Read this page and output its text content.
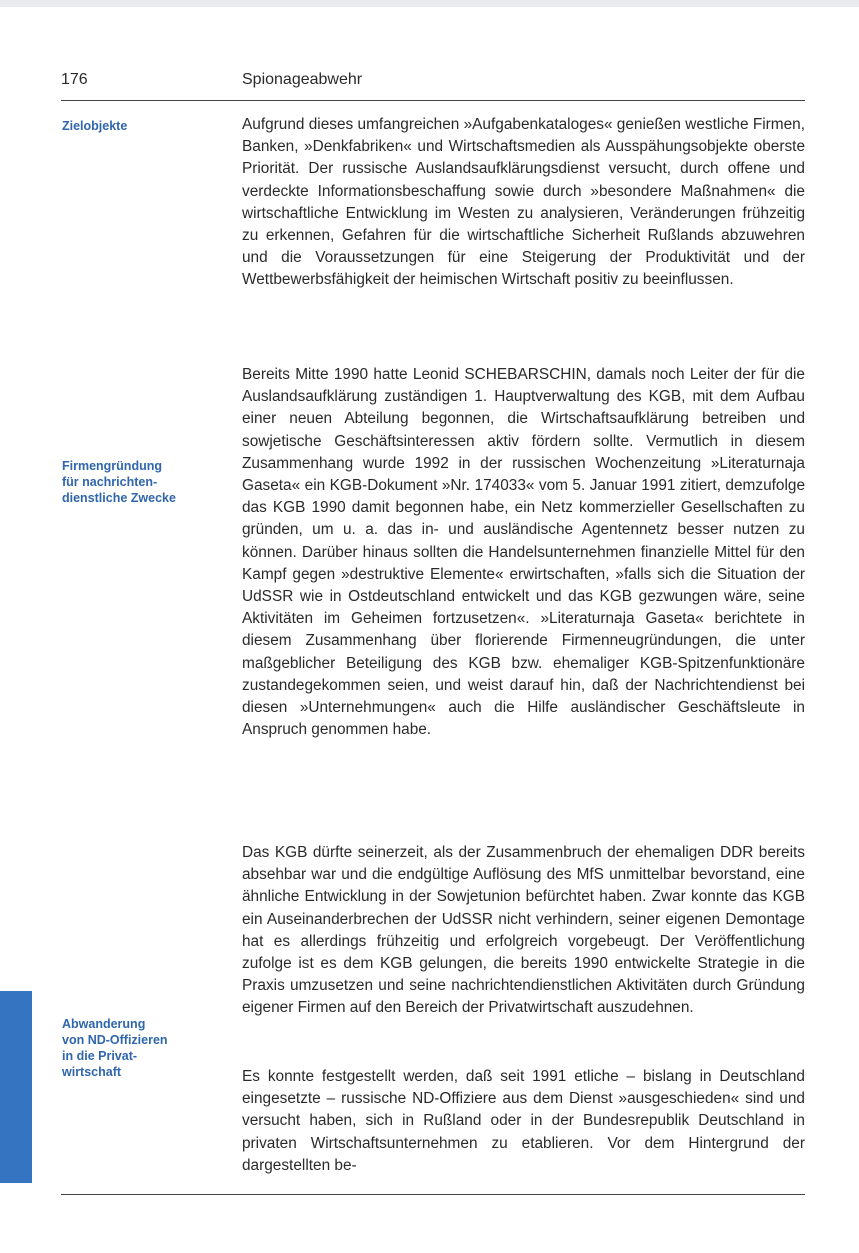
176	Spionageabwehr
Zielobjekte
Firmengründung
für nachrichten-
dienstliche Zwecke
Abwanderung
von ND-Offizieren
in die Privat-
wirtschaft

Aufgrund dieses umfangreichen »Aufgabenkataloges« genießen westliche Firmen, Banken, »Denkfabriken« und Wirtschaftsmedien als Ausspähungsobjekte oberste Priorität. Der russische Auslandsaufklärungsdienst versucht, durch offene und verdeckte Informationsbeschaffung sowie durch »besondere Maßnahmen« die wirtschaftliche Entwicklung im Westen zu analysieren, Veränderungen frühzeitig zu erkennen, Gefahren für die wirtschaftliche Sicherheit Rußlands abzuwehren und die Voraussetzungen für eine Steigerung der Produktivität und der Wettbewerbsfähigkeit der heimischen Wirtschaft positiv zu beeinflussen.

Bereits Mitte 1990 hatte Leonid SCHEBARSCHIN, damals noch Leiter der für die Auslandsaufklärung zuständigen 1. Hauptverwaltung des KGB, mit dem Aufbau einer neuen Abteilung begonnen, die Wirtschaftsaufklärung betreiben und sowjetische Geschäftsinteressen aktiv fördern sollte. Vermutlich in diesem Zusammenhang wurde 1992 in der russischen Wochenzeitung »Literaturnaja Gaseta« ein KGB-Dokument »Nr. 174033« vom 5. Januar 1991 zitiert, demzufolge das KGB 1990 damit begonnen habe, ein Netz kommerzieller Gesellschaften zu gründen, um u. a. das in- und ausländische Agentennetz besser nutzen zu können. Darüber hinaus sollten die Handelsunternehmen finanzielle Mittel für den Kampf gegen »destruktive Elemente« erwirtschaften, »falls sich die Situation der UdSSR wie in Ostdeutschland entwickelt und das KGB gezwungen wäre, seine Aktivitäten im Geheimen fortzusetzen«. »Literaturnaja Gaseta« berichtete in diesem Zusammenhang über florierende Firmenneugründungen, die unter maßgeblicher Beteiligung des KGB bzw. ehemaliger KGB-Spitzenfunktionäre zustandegekommen seien, und weist darauf hin, daß der Nachrichtendienst bei diesen »Unternehmungen« auch die Hilfe ausländischer Geschäftsleute in Anspruch genommen habe.

Das KGB dürfte seinerzeit, als der Zusammenbruch der ehemaligen DDR bereits absehbar war und die endgültige Auflösung des MfS unmittelbar bevorstand, eine ähnliche Entwicklung in der Sowjetunion befürchtet haben. Zwar konnte das KGB ein Auseinanderbrechen der UdSSR nicht verhindern, seiner eigenen Demontage hat es allerdings frühzeitig und erfolgreich vorgebeugt. Der Veröffentlichung zufolge ist es dem KGB gelungen, die bereits 1990 entwickelte Strategie in die Praxis umzusetzen und seine nachrichtendienstlichen Aktivitäten durch Gründung eigener Firmen auf den Bereich der Privatwirtschaft auszudehnen.

Es konnte festgestellt werden, daß seit 1991 etliche – bislang in Deutschland eingesetzte – russische ND-Offiziere aus dem Dienst »ausgeschieden« sind und versucht haben, sich in Rußland oder in der Bundesrepublik Deutschland in privaten Wirtschaftsunternehmen zu etablieren. Vor dem Hintergrund der dargestellten be-
